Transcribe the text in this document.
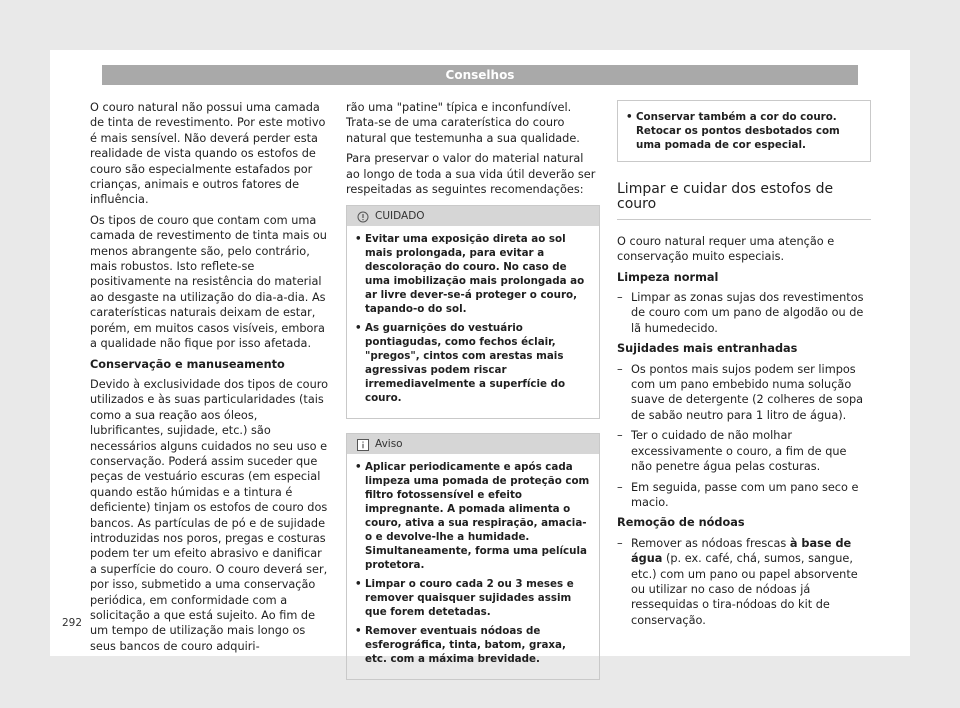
Conselhos

O couro natural não possui uma camada de tinta de revestimento. Por este motivo é mais sensível. Não deverá perder esta realidade de vista quando os estofos de couro são especialmente estafados por crianças, animais e outros fatores de influência.

Os tipos de couro que contam com uma camada de revestimento de tinta mais ou menos abrangente são, pelo contrário, mais robustos. Isto reflete-se positivamente na resistência do material ao desgaste na utilização do dia-a-dia. As caraterísticas naturais deixam de estar, porém, em muitos casos visíveis, embora a qualidade não fique por isso afetada.

Conservação e manuseamento

Devido à exclusividade dos tipos de couro utilizados e às suas particularidades (tais como a sua reação aos óleos, lubrificantes, sujidade, etc.) são necessários alguns cuidados no seu uso e conservação. Poderá assim suceder que peças de vestuário escuras (em especial quando estão húmidas e a tintura é deficiente) tinjam os estofos de couro dos bancos. As partículas de pó e de sujidade introduzidas nos poros, pregas e costuras podem ter um efeito abrasivo e danificar a superfície do couro. O couro deverá ser, por isso, submetido a uma conservação periódica, em conformidade com a solicitação a que está sujeito. Ao fim de um tempo de utilização mais longo os seus bancos de couro adquiri-

rão uma "patine" típica e inconfundível. Trata-se de uma caraterística do couro natural que testemunha a sua qualidade.

Para preservar o valor do material natural ao longo de toda a sua vida útil deverão ser respeitadas as seguintes recomendações:

CUIDADO
• Evitar uma exposição direta ao sol mais prolongada, para evitar a descoloração do couro. No caso de uma imobilização mais prolongada ao ar livre dever-se-á proteger o couro, tapando-o do sol.
• As guarnições do vestuário pontiagudas, como fechos éclair, "pregos", cintos com arestas mais agressivas podem riscar irremediavelmente a superfície do couro.
Aviso
• Aplicar periodicamente e após cada limpeza uma pomada de proteção com filtro fotossensível e efeito impregnante. A pomada alimenta o couro, ativa a sua respiração, amacia-o e devolve-lhe a humidade. Simultaneamente, forma uma película protetora.
• Limpar o couro cada 2 ou 3 meses e remover quaisquer sujidades assim que forem detetadas.
• Remover eventuais nódoas de esferográfica, tinta, batom, graxa, etc. com a máxima brevidade.
• Conservar também a cor do couro. Retocar os pontos desbotados com uma pomada de cor especial.
Limpar e cuidar dos estofos de couro

O couro natural requer uma atenção e conservação muito especiais.

Limpeza normal

– Limpar as zonas sujas dos revestimentos de couro com um pano de algodão ou de lã humedecido.

Sujidades mais entranhadas

– Os pontos mais sujos podem ser limpos com um pano embebido numa solução suave de detergente (2 colheres de sopa de sabão neutro para 1 litro de água).

– Ter o cuidado de não molhar excessivamente o couro, a fim de que não penetre água pelas costuras.

– Em seguida, passe com um pano seco e macio.

Remoção de nódoas

– Remover as nódoas frescas à base de água (p. ex. café, chá, sumos, sangue, etc.) com um pano ou papel absorvente ou utilizar no caso de nódoas já ressequidas o tira-nódoas do kit de conservação.

292
